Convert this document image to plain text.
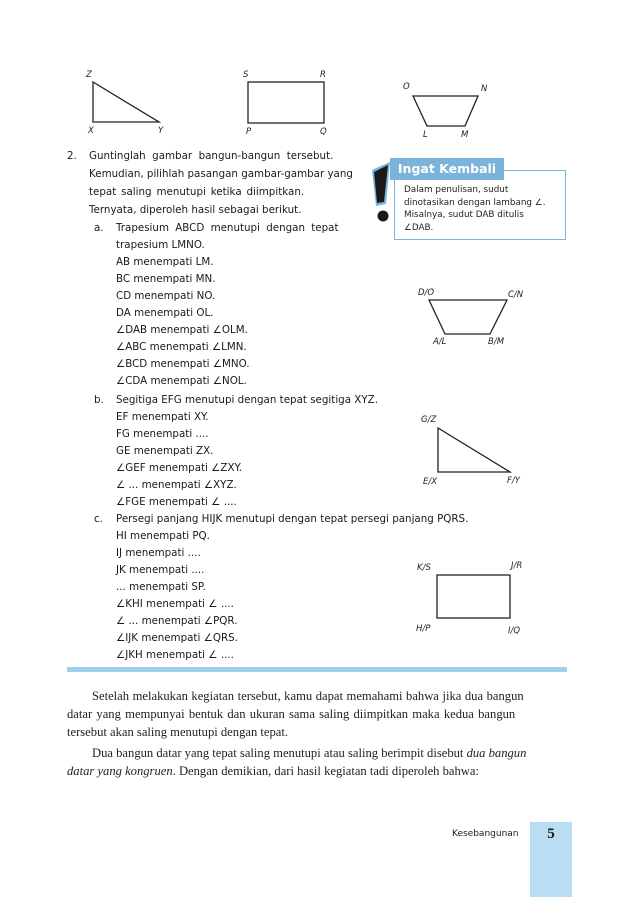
Z
X	Y
S	R
P	Q
O	N
L	M
2. Guntinglah gambar bangun-bangun tersebut.
Kemudian, pilihlah pasangan gambar-gambar yang
tepat saling menutupi ketika diimpitkan.
Ternyata, diperoleh hasil sebagai berikut.
a. Trapesium ABCD menutupi dengan tepat
trapesium LMNO.
AB menempati LM.
BC menempati MN.
CD menempati NO.
DA menempati OL.
∠DAB menempati ∠OLM.
∠ABC menempati ∠LMN.
∠BCD menempati ∠MNO.
∠CDA menempati ∠NOL.
b. Segitiga EFG menutupi dengan tepat segitiga XYZ.
EF menempati XY.
FG menempati ....
GE menempati ZX.
∠GEF menempati ∠ZXY.
∠ ... menempati ∠XYZ.
∠FGE menempati ∠ ....
c. Persegi panjang HIJK menutupi dengan tepat persegi panjang PQRS.
HI menempati PQ.
IJ menempati ....
JK menempati ....
... menempati SP.
∠KHI menempati ∠ ....
∠ ... menempati ∠PQR.
∠IJK menempati ∠QRS.
∠JKH menempati ∠ ....
Ingat Kembali
Dalam penulisan, sudut
dinotasikan dengan lambang ∠.
Misalnya, sudut DAB ditulis
∠DAB.
D/O	C/N
A/L	B/M
G/Z
E/X	F/Y
K/S	J/R
H/P	I/Q
Setelah melakukan kegiatan tersebut, kamu dapat memahami bahwa jika dua bangun
datar yang mempunyai bentuk dan ukuran sama saling diimpitkan maka kedua bangun
tersebut akan saling menutupi dengan tepat.
Dua bangun datar yang tepat saling menutupi atau saling berimpit disebut dua bangun
datar yang kongruen. Dengan demikian, dari hasil kegiatan tadi diperoleh bahwa:
Kesebangunan	5
